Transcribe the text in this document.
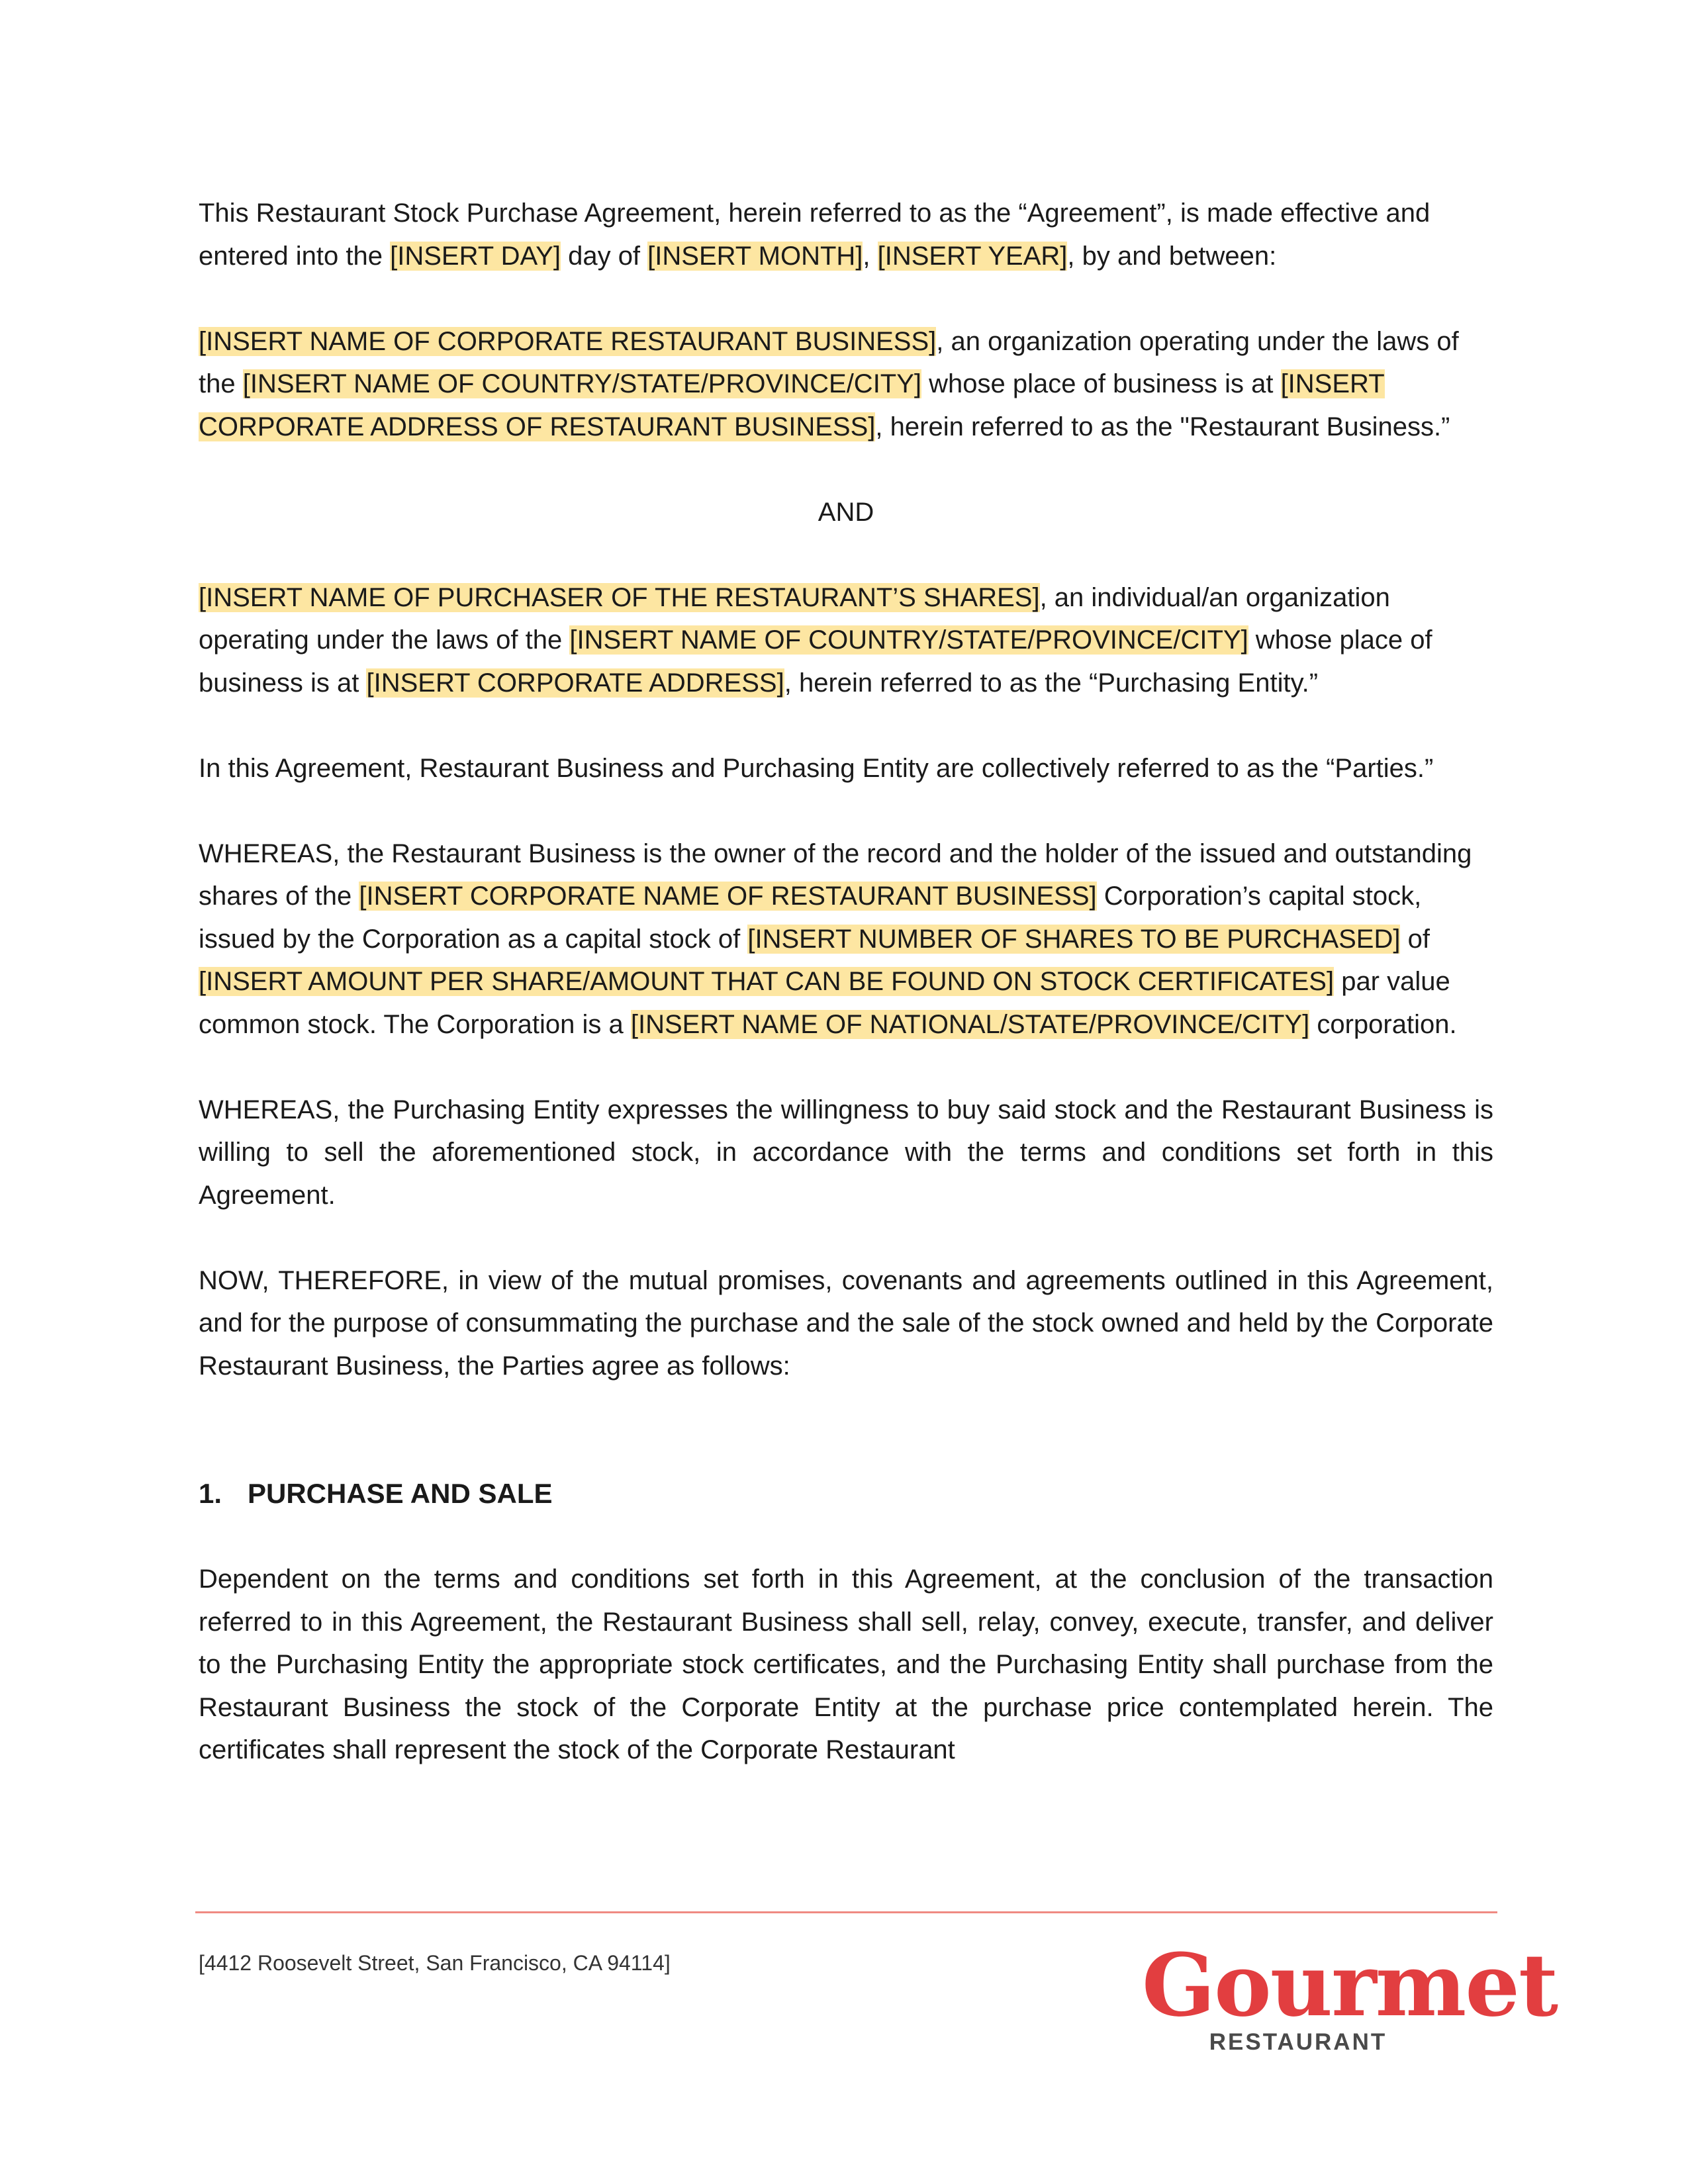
This Restaurant Stock Purchase Agreement, herein referred to as the “Agreement”, is made effective and entered into the [INSERT DAY] day of [INSERT MONTH], [INSERT YEAR], by and between:

[INSERT NAME OF CORPORATE RESTAURANT BUSINESS], an organization operating under the laws of the [INSERT NAME OF COUNTRY/STATE/PROVINCE/CITY] whose place of business is at [INSERT CORPORATE ADDRESS OF RESTAURANT BUSINESS], herein referred to as the "Restaurant Business.”

AND

[INSERT NAME OF PURCHASER OF THE RESTAURANT’S SHARES], an individual/an organization operating under the laws of the [INSERT NAME OF COUNTRY/STATE/PROVINCE/CITY] whose place of business is at [INSERT CORPORATE ADDRESS], herein referred to as the “Purchasing Entity.”

In this Agreement, Restaurant Business and Purchasing Entity are collectively referred to as the “Parties.”

WHEREAS, the Restaurant Business is the owner of the record and the holder of the issued and outstanding shares of the [INSERT CORPORATE NAME OF RESTAURANT BUSINESS] Corporation’s capital stock, issued by the Corporation as a capital stock of [INSERT NUMBER OF SHARES TO BE PURCHASED] of [INSERT AMOUNT PER SHARE/AMOUNT THAT CAN BE FOUND ON STOCK CERTIFICATES] par value common stock. The Corporation is a [INSERT NAME OF NATIONAL/STATE/PROVINCE/CITY] corporation.

WHEREAS, the Purchasing Entity expresses the willingness to buy said stock and the Restaurant Business is willing to sell the aforementioned stock, in accordance with the terms and conditions set forth in this Agreement.

NOW, THEREFORE, in view of the mutual promises, covenants and agreements outlined in this Agreement, and for the purpose of consummating the purchase and the sale of the stock owned and held by the Corporate Restaurant Business, the Parties agree as follows:

1. PURCHASE AND SALE

Dependent on the terms and conditions set forth in this Agreement, at the conclusion of the transaction referred to in this Agreement, the Restaurant Business shall sell, relay, convey, execute, transfer, and deliver to the Purchasing Entity the appropriate stock certificates, and the Purchasing Entity shall purchase from the Restaurant Business the stock of the Corporate Entity at the purchase price contemplated herein. The certificates shall represent the stock of the Corporate Restaurant

[4412 Roosevelt Street, San Francisco, CA 94114]	Gourmet
RESTAURANT
